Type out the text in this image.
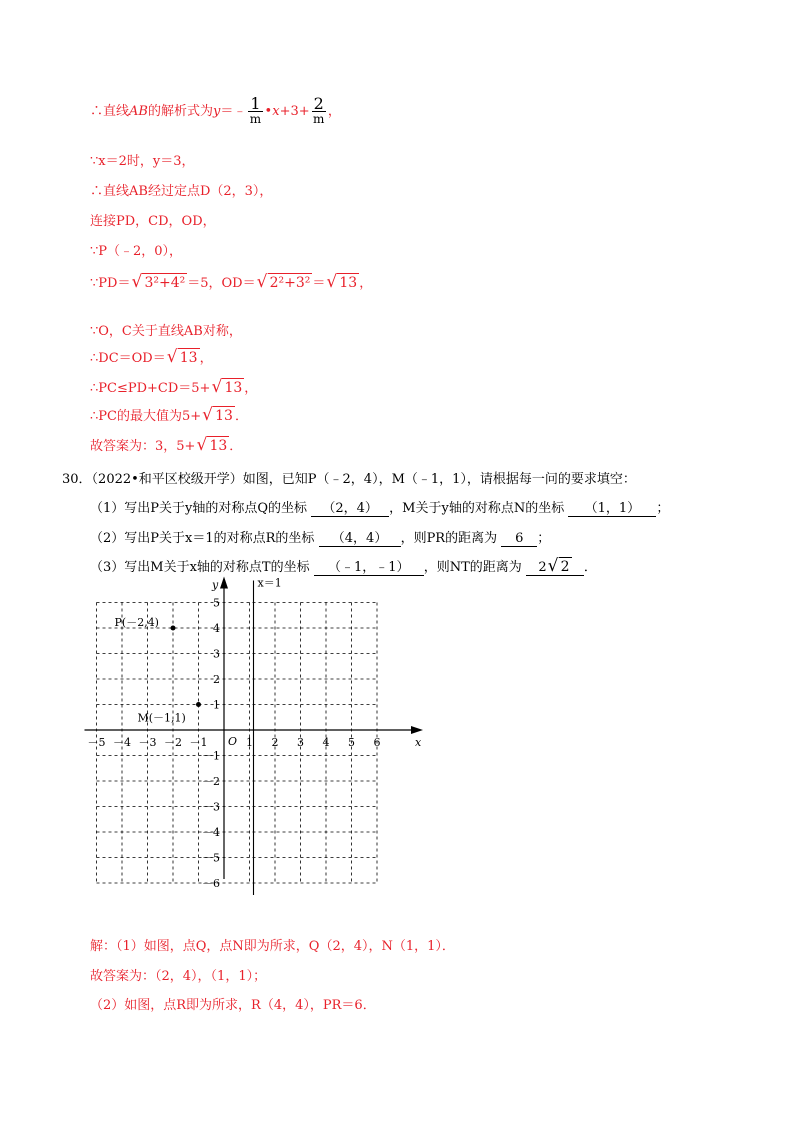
∴直线AB的解析式为y＝﹣ $\frac{1}{m}$ •x+3+ $\frac{2}{m}$ ，
∵x＝2时，y＝3，
∴直线AB经过定点D（2，3），
连接PD，CD，OD，
∵P（﹣2，0），
∵PD＝ √ 3²+4² ＝5，OD＝ √ 2²+3² ＝ √ 13 ，
∵O，C关于直线AB对称，
∴DC＝OD＝ √ 13 ，
∴PC≤PD+CD＝5+ √ 13 ，
∴PC的最大值为5+ √ 13 ．
故答案为：3，5+ √ 13 ．
30．（2022•和平区校级开学）如图，已知P（﹣2，4），M（﹣1，1），请根据每一问的要求填空：
（1）写出P关于y轴的对称点Q的坐标 （2，4） ，M关于y轴的对称点N的坐标 （1，1） ；
（2）写出P关于x＝1的对称点R的坐标 （4，4） ，则PR的距离为 6 ；
（3）写出M关于x轴的对称点T的坐标 （﹣1，﹣1） ，则NT的距离为 2 √ 2 ．
－5 －4 －3 －2 －1	1 2 3 4 5 6
5
4
3
2
1
－1
－2
－3
－4
－5
－6
x
y
O
x＝1
P(－2,4)
M(－1,1)
解：（1）如图，点Q，点N即为所求，Q（2，4），N（1，1）．
故答案为：（2，4），（1，1）；
（2）如图，点R即为所求，R（4，4），PR＝6．
